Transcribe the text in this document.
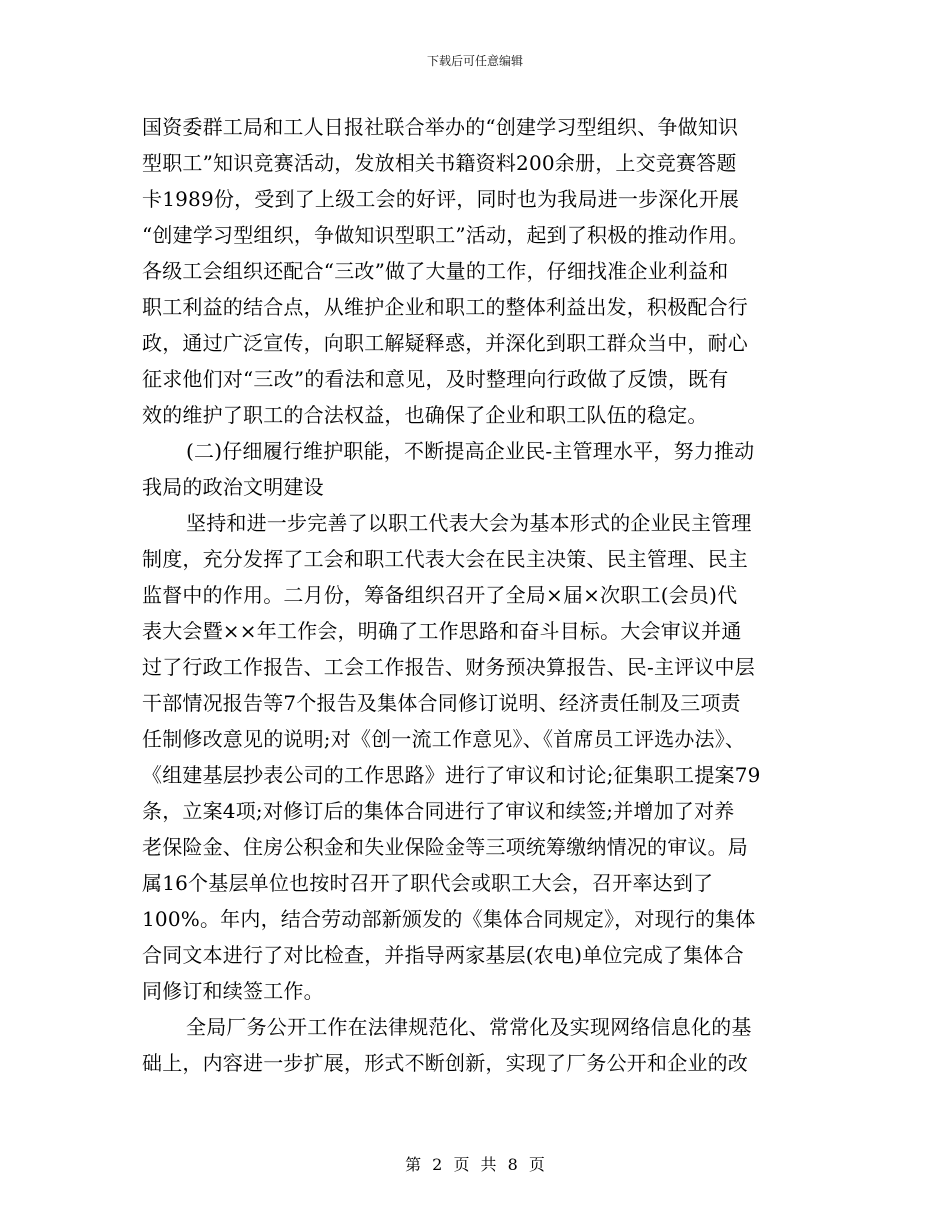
下载后可任意编辑
国资委群工局和工人日报社联合举办的“创建学习型组织、争做知识
型职工”知识竞赛活动，发放相关书籍资料200余册，上交竞赛答题
卡1989份，受到了上级工会的好评，同时也为我局进一步深化开展
“创建学习型组织，争做知识型职工”活动，起到了积极的推动作用。
各级工会组织还配合“三改”做了大量的工作，仔细找准企业利益和
职工利益的结合点，从维护企业和职工的整体利益出发，积极配合行
政，通过广泛宣传，向职工解疑释惑，并深化到职工群众当中，耐心
征求他们对“三改”的看法和意见，及时整理向行政做了反馈，既有
效的维护了职工的合法权益，也确保了企业和职工队伍的稳定。
(二)仔细履行维护职能，不断提高企业民-主管理水平，努力推动
我局的政治文明建设
坚持和进一步完善了以职工代表大会为基本形式的企业民主管理
制度，充分发挥了工会和职工代表大会在民主决策、民主管理、民主
监督中的作用。二月份，筹备组织召开了全局×届×次职工(会员)代
表大会暨××年工作会，明确了工作思路和奋斗目标。大会审议并通
过了行政工作报告、工会工作报告、财务预决算报告、民-主评议中层
干部情况报告等7个报告及集体合同修订说明、经济责任制及三项责
任制修改意见的说明;对《创一流工作意见》、《首席员工评选办法》、
《组建基层抄表公司的工作思路》进行了审议和讨论;征集职工提案79
条，立案4项;对修订后的集体合同进行了审议和续签;并增加了对养
老保险金、住房公积金和失业保险金等三项统筹缴纳情况的审议。局
属16个基层单位也按时召开了职代会或职工大会，召开率达到了
100%。年内，结合劳动部新颁发的《集体合同规定》，对现行的集体
合同文本进行了对比检查，并指导两家基层(农电)单位完成了集体合
同修订和续签工作。
全局厂务公开工作在法律规范化、常常化及实现网络信息化的基
础上，内容进一步扩展，形式不断创新，实现了厂务公开和企业的改
第 2 页 共 8 页
